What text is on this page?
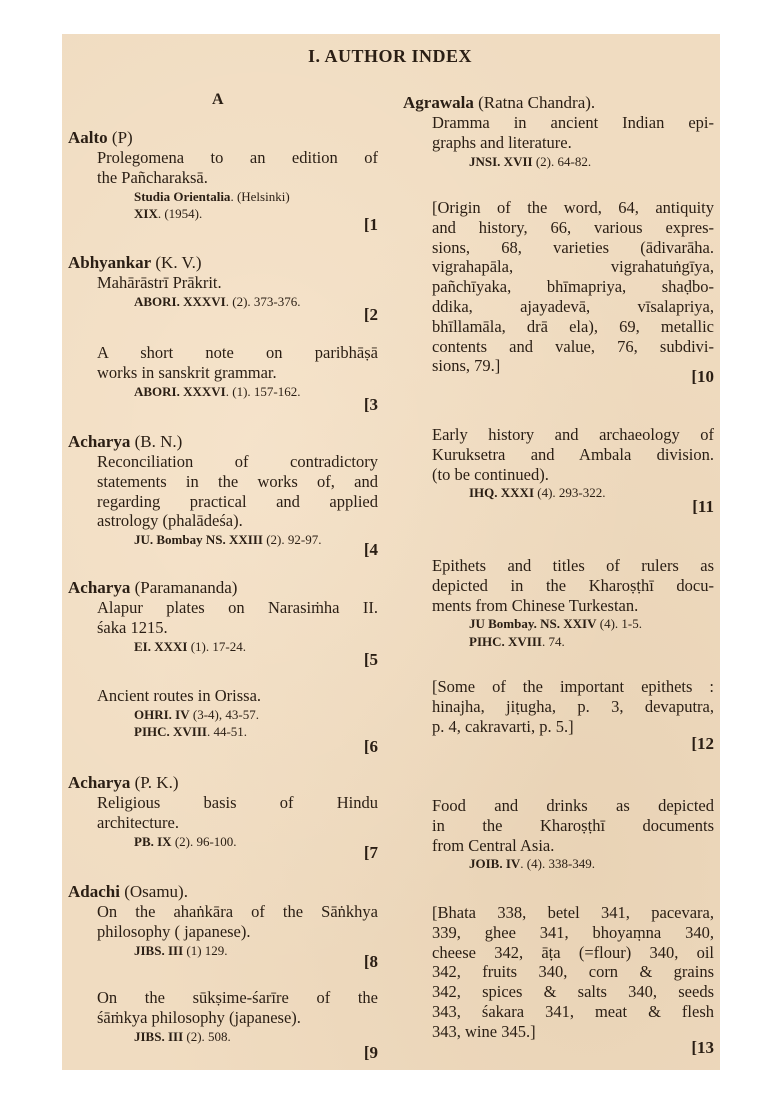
I. AUTHOR INDEX
A
Aalto (P)
Prolegomena to an edition of
the Pañcharaksā.
Studia Orientalia. (Helsinki)
XIX. (1954).
[1
Abhyankar (K. V.)
Mahārāstrī Prākrit.
ABORI. XXXVI. (2). 373-376.
[2
A short note on paribhāṣā
works in sanskrit grammar.
ABORI. XXXVI. (1). 157-162.
[3
Acharya (B. N.)
Reconciliation of contradictory
statements in the works of, and
regarding practical and applied
astrology (phalādeśa).
JU. Bombay NS. XXIII (2). 92-97.
[4
Acharya (Paramananda)
Alapur plates on Narasiṁha II.
śaka 1215.
EI. XXXI (1). 17-24.
[5
Ancient routes in Orissa.
OHRI. IV (3-4), 43-57.
PIHC. XVIII. 44-51.
[6
Acharya (P. K.)
Religious basis of Hindu
architecture.
PB. IX (2). 96-100.
[7
Adachi (Osamu).
On the ahaṅkāra of the Sāṅkhya
philosophy ( japanese).
JIBS. III (1) 129.
[8
On the sūkṣime-śarīre of the
śāṁkya philosophy (japanese).
JIBS. III (2). 508.
[9
Agrawala (Ratna Chandra).
Dramma in ancient Indian epi-
graphs and literature.
JNSI. XVII (2). 64-82.
[Origin of the word, 64, antiquity
and history, 66, various expres-
sions, 68, varieties (ādivarāha.
vigrahapāla, vigrahatuṅgīya,
pañchīyaka, bhīmapriya, shaḍbo-
ddika, ajayadevā, vīsalapriya,
bhīllamāla, drā ela), 69, metallic
contents and value, 76, subdivi-
sions, 79.]
[10
Early history and archaeology of
Kuruksetra and Ambala division.
(to be continued).
IHQ. XXXI (4). 293-322.
[11
Epithets and titles of rulers as
depicted in the Kharoṣṭhī docu-
ments from Chinese Turkestan.
JU Bombay. NS. XXIV (4). 1-5.
PIHC. XVIII. 74.
[Some of the important epithets :
hinajha, jiṭugha, p. 3, devaputra,
p. 4, cakravarti, p. 5.]
[12
Food and drinks as depicted
in the Kharoṣṭhī documents
from Central Asia.
JOIB. IV. (4). 338-349.
[Bhata 338, betel 341, pacevara,
339, ghee 341, bhoyaṃna 340,
cheese 342, āṭa (=flour) 340, oil
342, fruits 340, corn & grains
342, spices & salts 340, seeds
343, śakara 341, meat & flesh
343, wine 345.]
[13
